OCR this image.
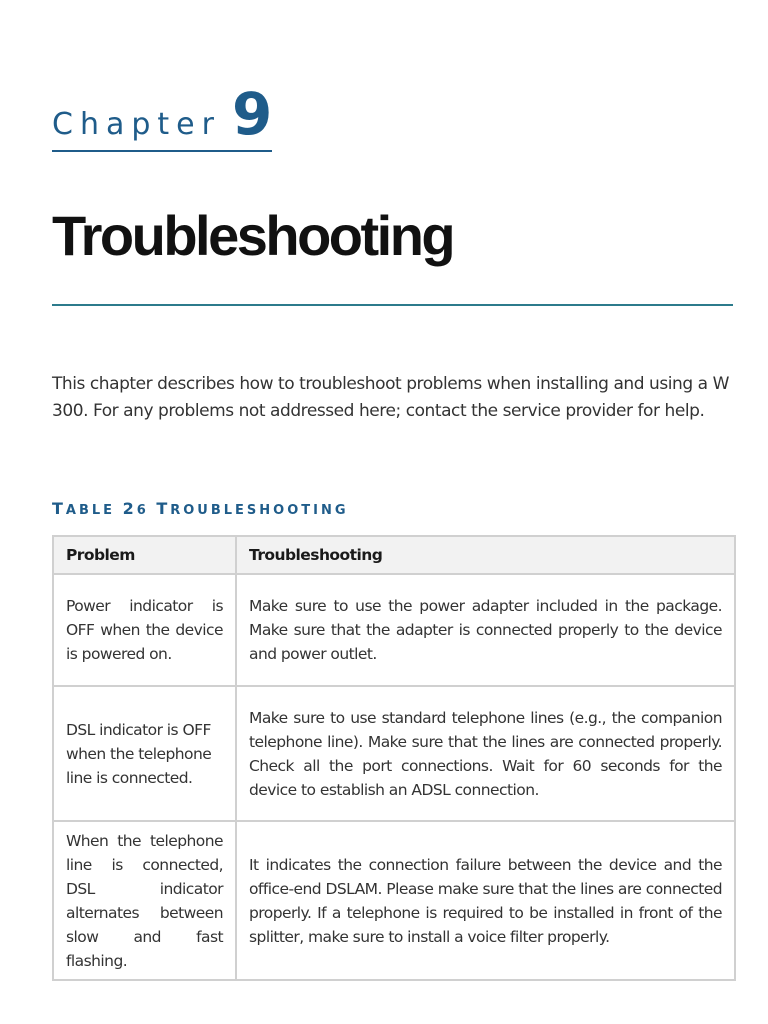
Chapter 9
Troubleshooting

This chapter describes how to troubleshoot problems when installing and using a W300. For any problems not addressed here; contact the service provider for help.

TABLE 26 TROUBLESHOOTING

Problem	Troubleshooting
Power indicator is OFF when the device is powered on.	Make sure to use the power adapter included in the package. Make sure that the adapter is connected properly to the device and power outlet.
DSL indicator is OFF when the telephone line is connected.	Make sure to use standard telephone lines (e.g., the companion telephone line). Make sure that the lines are connected properly. Check all the port connections. Wait for 60 seconds for the device to establish an ADSL connection.
When the telephone line is connected, DSL indicator alternates between slow and fast flashing.	It indicates the connection failure between the device and the office-end DSLAM. Please make sure that the lines are connected properly. If a telephone is required to be installed in front of the splitter, make sure to install a voice filter properly.
